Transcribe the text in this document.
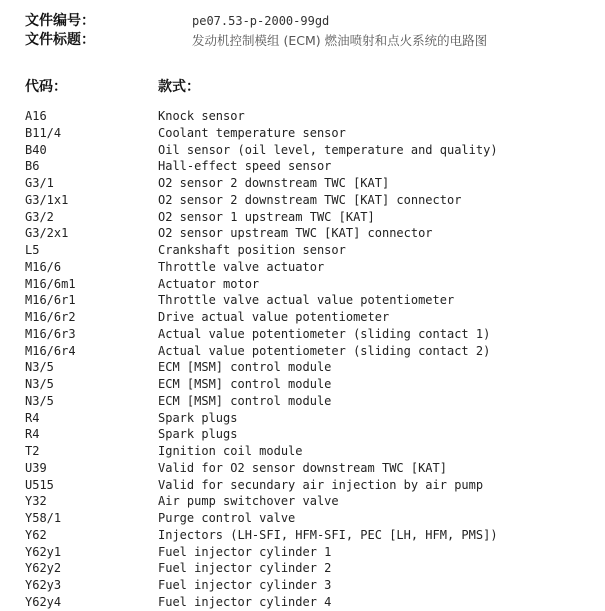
文件编号：	pe07.53-p-2000-99gd
文件标题：	发动机控制模组 (ECM) 燃油喷射和点火系统的电路图
代码：	款式：
A16	Knock sensor
B11/4	Coolant temperature sensor
B40	Oil sensor (oil level, temperature and quality)
B6	Hall-effect speed sensor
G3/1	O2 sensor 2 downstream TWC [KAT]
G3/1x1	O2 sensor 2 downstream TWC [KAT] connector
G3/2	O2 sensor 1 upstream TWC [KAT]
G3/2x1	O2 sensor upstream TWC [KAT] connector
L5	Crankshaft position sensor
M16/6	Throttle valve actuator
M16/6m1	Actuator motor
M16/6r1	Throttle valve actual value potentiometer
M16/6r2	Drive actual value potentiometer
M16/6r3	Actual value potentiometer (sliding contact 1)
M16/6r4	Actual value potentiometer (sliding contact 2)
N3/5	ECM [MSM] control module
N3/5	ECM [MSM] control module
N3/5	ECM [MSM] control module
R4	Spark plugs
R4	Spark plugs
T2	Ignition coil module
U39	Valid for O2 sensor downstream TWC [KAT]
U515	Valid for secundary air injection by air pump
Y32	Air pump switchover valve
Y58/1	Purge control valve
Y62	Injectors (LH-SFI, HFM-SFI, PEC [LH, HFM, PMS])
Y62y1	Fuel injector cylinder 1
Y62y2	Fuel injector cylinder 2
Y62y3	Fuel injector cylinder 3
Y62y4	Fuel injector cylinder 4
